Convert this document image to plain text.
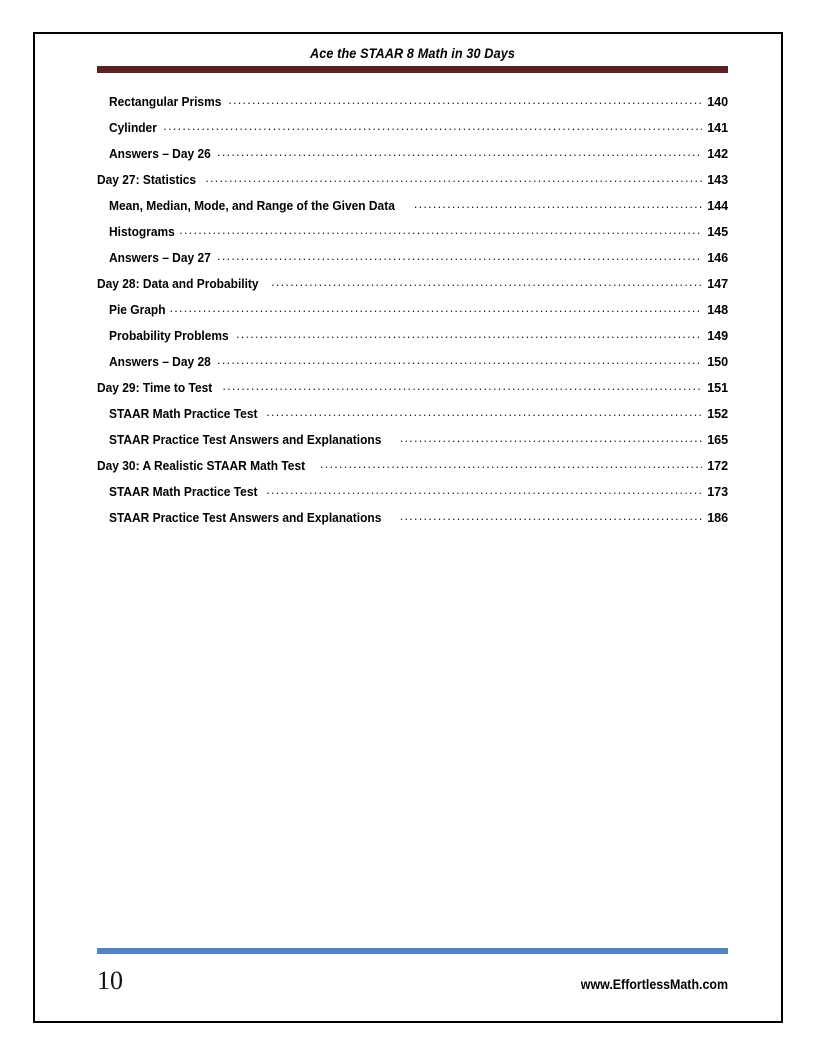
Ace the STAAR 8 Math in 30 Days
Rectangular Prisms .....	140
Cylinder .....	141
Answers – Day 26 .....	142
Day 27: Statistics .....	143
Mean, Median, Mode, and Range of the Given Data .....	144
Histograms .....	145
Answers – Day 27 .....	146
Day 28: Data and Probability .....	147
Pie Graph .....	148
Probability Problems .....	149
Answers – Day 28 .....	150
Day 29: Time to Test .....	151
STAAR Math Practice Test .....	152
STAAR Practice Test Answers and Explanations .....	165
Day 30: A Realistic STAAR Math Test .....	172
STAAR Math Practice Test .....	173
STAAR Practice Test Answers and Explanations .....	186
10	www.EffortlessMath.com
